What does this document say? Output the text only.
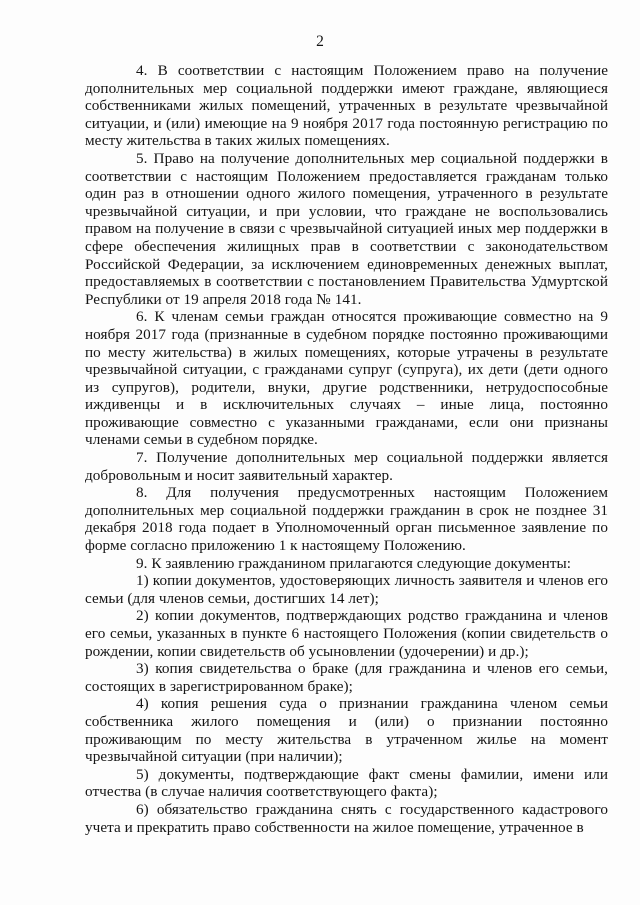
2

4. В соответствии с настоящим Положением право на получение дополнительных мер социальной поддержки имеют граждане, являющиеся собственниками жилых помещений, утраченных в результате чрезвычайной ситуации, и (или) имеющие на 9 ноября 2017 года постоянную регистрацию по месту жительства в таких жилых помещениях.

5. Право на получение дополнительных мер социальной поддержки в соответствии с настоящим Положением предоставляется гражданам только один раз в отношении одного жилого помещения, утраченного в результате чрезвычайной ситуации, и при условии, что граждане не воспользовались правом на получение в связи с чрезвычайной ситуацией иных мер поддержки в сфере обеспечения жилищных прав в соответствии с законодательством Российской Федерации, за исключением единовременных денежных выплат, предоставляемых в соответствии с постановлением Правительства Удмуртской Республики от 19 апреля 2018 года № 141.

6. К членам семьи граждан относятся проживающие совместно на 9 ноября 2017 года (признанные в судебном порядке постоянно проживающими по месту жительства) в жилых помещениях, которые утрачены в результате чрезвычайной ситуации, с гражданами супруг (супруга), их дети (дети одного из супругов), родители, внуки, другие родственники, нетрудоспособные иждивенцы и в исключительных случаях – иные лица, постоянно проживающие совместно с указанными гражданами, если они признаны членами семьи в судебном порядке.

7. Получение дополнительных мер социальной поддержки является добровольным и носит заявительный характер.

8. Для получения предусмотренных настоящим Положением дополнительных мер социальной поддержки гражданин в срок не позднее 31 декабря 2018 года подает в Уполномоченный орган письменное заявление по форме согласно приложению 1 к настоящему Положению.

9. К заявлению гражданином прилагаются следующие документы:

1) копии документов, удостоверяющих личность заявителя и членов его семьи (для членов семьи, достигших 14 лет);

2) копии документов, подтверждающих родство гражданина и членов его семьи, указанных в пункте 6 настоящего Положения (копии свидетельств о рождении, копии свидетельств об усыновлении (удочерении) и др.);

3) копия свидетельства о браке (для гражданина и членов его семьи, состоящих в зарегистрированном браке);

4) копия решения суда о признании гражданина членом семьи собственника жилого помещения и (или) о признании постоянно проживающим по месту жительства в утраченном жилье на момент чрезвычайной ситуации (при наличии);

5) документы, подтверждающие факт смены фамилии, имени или отчества (в случае наличия соответствующего факта);

6) обязательство гражданина снять с государственного кадастрового учета и прекратить право собственности на жилое помещение, утраченное в
